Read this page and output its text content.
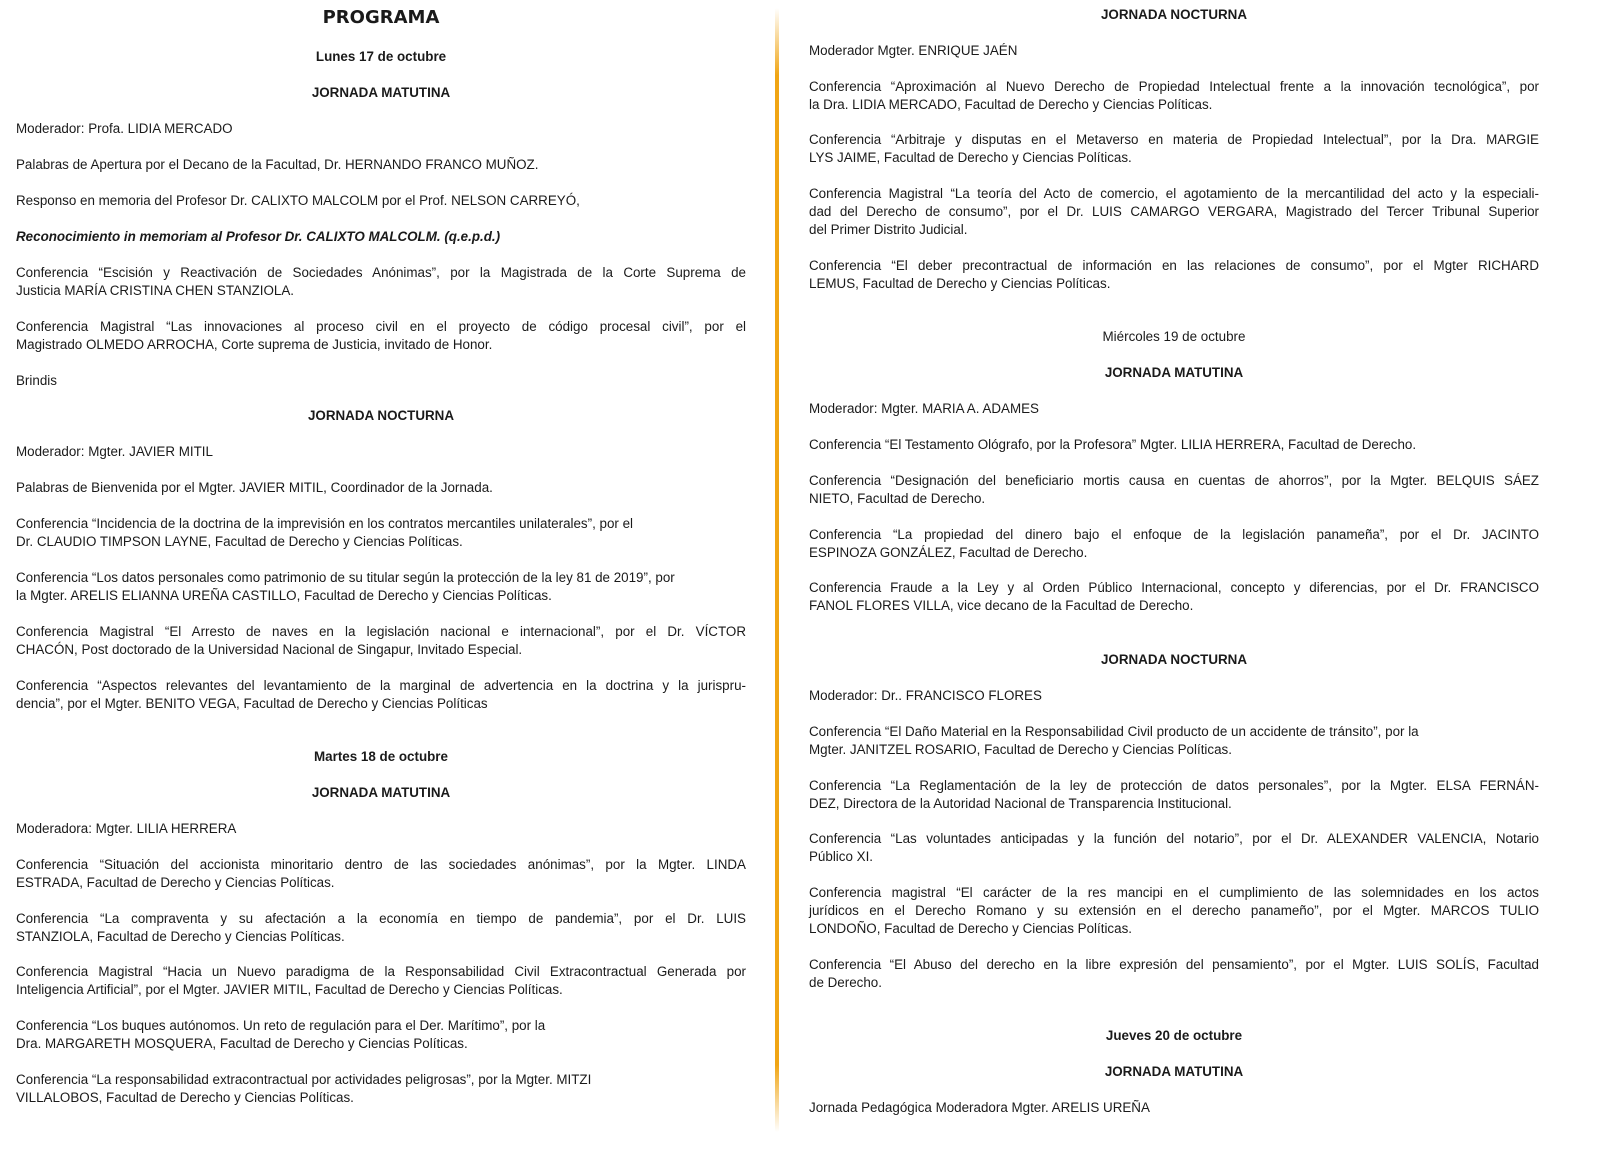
PROGRAMA
Lunes 17 de octubre
JORNADA MATUTINA
Moderador: Profa. LIDIA MERCADO
Palabras de Apertura por el Decano de la Facultad, Dr. HERNANDO FRANCO MUÑOZ.
Responso en memoria del Profesor Dr. CALIXTO MALCOLM por el Prof. NELSON CARREYÓ,
Reconocimiento in memoriam al Profesor Dr. CALIXTO MALCOLM. (q.e.p.d.)
Conferencia “Escisión y Reactivación de Sociedades Anónimas”, por la Magistrada de la Corte Suprema de
Justicia MARÍA CRISTINA CHEN STANZIOLA.
Conferencia Magistral “Las innovaciones al proceso civil en el proyecto de código procesal civil”, por el
Magistrado OLMEDO ARROCHA, Corte suprema de Justicia, invitado de Honor.
Brindis
JORNADA NOCTURNA
Moderador: Mgter. JAVIER MITIL
Palabras de Bienvenida por el Mgter. JAVIER MITIL, Coordinador de la Jornada.
Conferencia “Incidencia de la doctrina de la imprevisión en los contratos mercantiles unilaterales”, por el
Dr. CLAUDIO TIMPSON LAYNE, Facultad de Derecho y Ciencias Políticas.
Conferencia “Los datos personales como patrimonio de su titular según la protección de la ley 81 de 2019”, por
la Mgter. ARELIS ELIANNA UREÑA CASTILLO, Facultad de Derecho y Ciencias Políticas.
Conferencia Magistral “El Arresto de naves en la legislación nacional e internacional”, por el Dr. VÍCTOR
CHACÓN, Post doctorado de la Universidad Nacional de Singapur, Invitado Especial.
Conferencia “Aspectos relevantes del levantamiento de la marginal de advertencia en la doctrina y la jurispru-
dencia”, por el Mgter. BENITO VEGA, Facultad de Derecho y Ciencias Políticas
Martes 18 de octubre
JORNADA MATUTINA
Moderadora: Mgter. LILIA HERRERA
Conferencia “Situación del accionista minoritario dentro de las sociedades anónimas”, por la Mgter. LINDA
ESTRADA, Facultad de Derecho y Ciencias Políticas.
Conferencia “La compraventa y su afectación a la economía en tiempo de pandemia”, por el Dr. LUIS
STANZIOLA, Facultad de Derecho y Ciencias Políticas.
Conferencia Magistral “Hacia un Nuevo paradigma de la Responsabilidad Civil Extracontractual Generada por
Inteligencia Artificial”, por el Mgter. JAVIER MITIL, Facultad de Derecho y Ciencias Políticas.
Conferencia “Los buques autónomos. Un reto de regulación para el Der. Marítimo”, por la
Dra. MARGARETH MOSQUERA, Facultad de Derecho y Ciencias Políticas.
Conferencia “La responsabilidad extracontractual por actividades peligrosas”, por la Mgter. MITZI
VILLALOBOS, Facultad de Derecho y Ciencias Políticas.
JORNADA NOCTURNA
Moderador Mgter. ENRIQUE JAÉN
Conferencia “Aproximación al Nuevo Derecho de Propiedad Intelectual frente a la innovación tecnológica”, por
la Dra. LIDIA MERCADO, Facultad de Derecho y Ciencias Políticas.
Conferencia “Arbitraje y disputas en el Metaverso en materia de Propiedad Intelectual”, por la Dra. MARGIE
LYS JAIME, Facultad de Derecho y Ciencias Políticas.
Conferencia Magistral “La teoría del Acto de comercio, el agotamiento de la mercantilidad del acto y la especiali-
dad del Derecho de consumo”, por el Dr. LUIS CAMARGO VERGARA, Magistrado del Tercer Tribunal Superior
del Primer Distrito Judicial.
Conferencia “El deber precontractual de información en las relaciones de consumo”, por el Mgter RICHARD
LEMUS, Facultad de Derecho y Ciencias Políticas.
Miércoles 19 de octubre
JORNADA MATUTINA
Moderador: Mgter. MARIA A. ADAMES
Conferencia “El Testamento Ológrafo, por la Profesora” Mgter. LILIA HERRERA, Facultad de Derecho.
Conferencia “Designación del beneficiario mortis causa en cuentas de ahorros”, por la Mgter. BELQUIS SÁEZ
NIETO, Facultad de Derecho.
Conferencia “La propiedad del dinero bajo el enfoque de la legislación panameña”, por el Dr. JACINTO
ESPINOZA GONZÁLEZ, Facultad de Derecho.
Conferencia Fraude a la Ley y al Orden Público Internacional, concepto y diferencias, por el Dr. FRANCISCO
FANOL FLORES VILLA, vice decano de la Facultad de Derecho.
JORNADA NOCTURNA
Moderador: Dr.. FRANCISCO FLORES
Conferencia “El Daño Material en la Responsabilidad Civil producto de un accidente de tránsito”, por la
Mgter. JANITZEL ROSARIO, Facultad de Derecho y Ciencias Políticas.
Conferencia “La Reglamentación de la ley de protección de datos personales”, por la Mgter. ELSA FERNÁN-
DEZ, Directora de la Autoridad Nacional de Transparencia Institucional.
Conferencia “Las voluntades anticipadas y la función del notario”, por el Dr. ALEXANDER VALENCIA, Notario
Público XI.
Conferencia magistral “El carácter de la res mancipi en el cumplimiento de las solemnidades en los actos
jurídicos en el Derecho Romano y su extensión en el derecho panameño”, por el Mgter. MARCOS TULIO
LONDOÑO, Facultad de Derecho y Ciencias Políticas.
Conferencia “El Abuso del derecho en la libre expresión del pensamiento”, por el Mgter. LUIS SOLÍS, Facultad
de Derecho.
Jueves 20 de octubre
JORNADA MATUTINA
Jornada Pedagógica Moderadora Mgter. ARELIS UREÑA
